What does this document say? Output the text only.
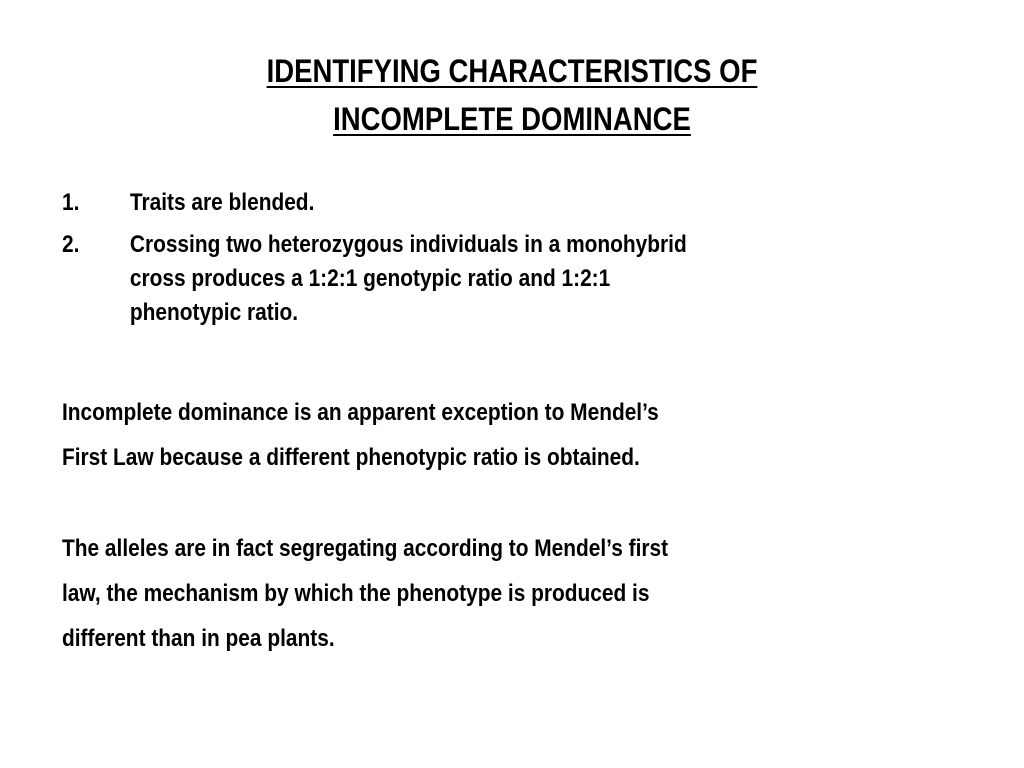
IDENTIFYING CHARACTERISTICS OF
INCOMPLETE DOMINANCE
1.	Traits are blended.
2.	Crossing two heterozygous individuals in a monohybrid
cross produces a 1:2:1 genotypic ratio and 1:2:1
phenotypic ratio.
Incomplete dominance is an apparent exception to Mendel’s
First Law because a different phenotypic ratio is obtained.
The alleles are in fact segregating according to Mendel’s first
law, the mechanism by which the phenotype is produced is
different than in pea plants.
